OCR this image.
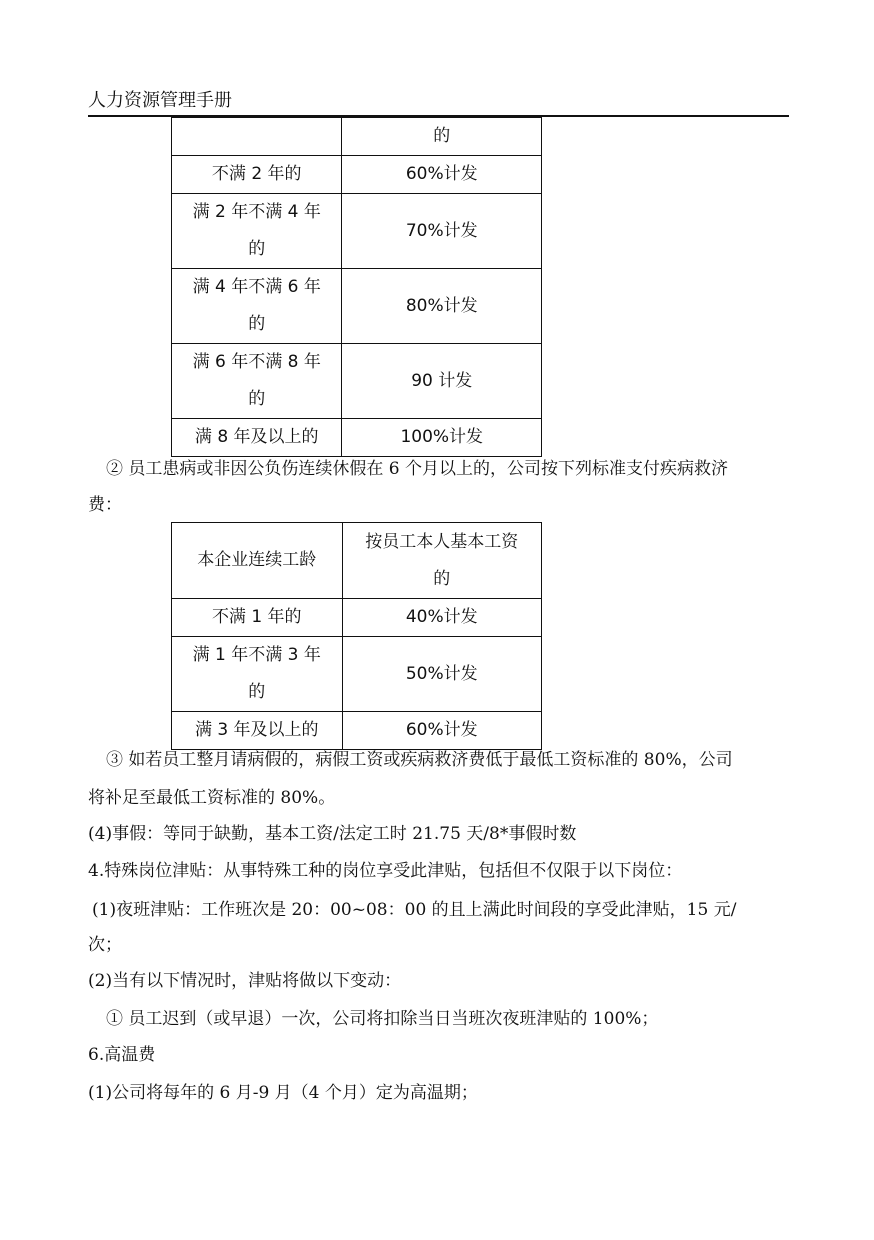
人力资源管理手册
	的
不满 2 年的	60%计发

满 2 年不满 4 年
的	70%计发

满 4 年不满 6 年
的	80%计发

满 6 年不满 8 年
的	90 计发
满 8 年及以上的	100%计发
② 员工患病或非因公负伤连续休假在 6 个月以上的，公司按下列标准支付疾病救济
费：
本企业连续工龄	按员工本人基本工资
的

不满 1 年的	40%计发

满 1 年不满 3 年
的	50%计发
满 3 年及以上的	60%计发
③ 如若员工整月请病假的，病假工资或疾病救济费低于最低工资标准的 80%，公司
将补足至最低工资标准的 80%。
(4)事假：等同于缺勤，基本工资/法定工时 21.75 天/8*事假时数
4.特殊岗位津贴：从事特殊工种的岗位享受此津贴，包括但不仅限于以下岗位：
(1)夜班津贴：工作班次是 20：00~08：00 的且上满此时间段的享受此津贴，15 元/
次；
(2)当有以下情况时，津贴将做以下变动：
① 员工迟到（或早退）一次，公司将扣除当日当班次夜班津贴的 100%；
6.高温费
(1)公司将每年的 6 月-9 月（4 个月）定为高温期；
